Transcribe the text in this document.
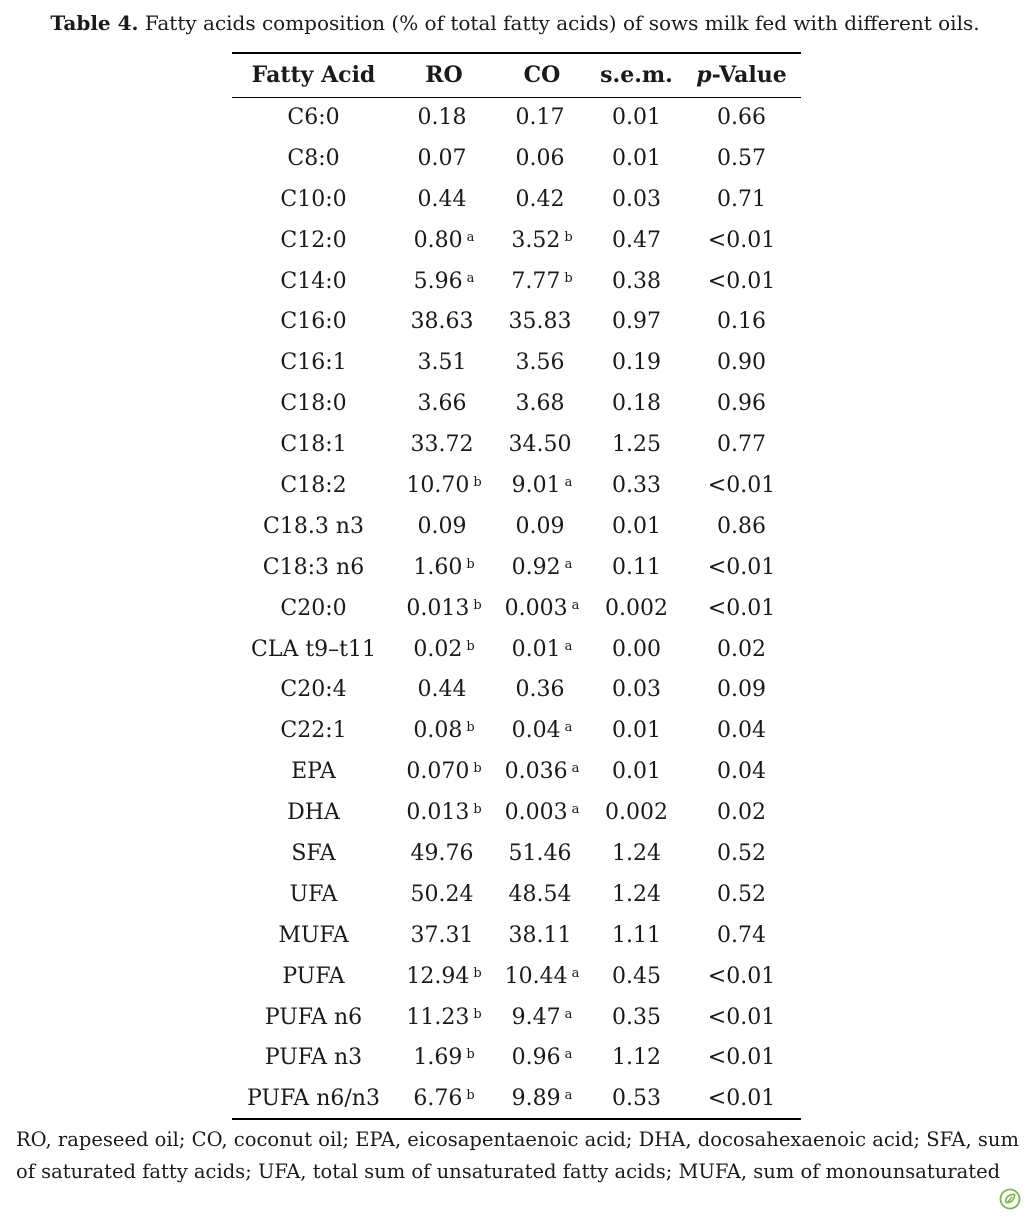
Table 4. Fatty acids composition (% of total fatty acids) of sows milk fed with different oils.
Fatty Acid	RO	CO	s.e.m.	p-Value
C6:0	0.18	0.17	0.01	0.66
C8:0	0.07	0.06	0.01	0.57
C10:0	0.44	0.42	0.03	0.71
C12:0	0.80 $^a$	3.52 $^b$	0.47	<0.01
C14:0	5.96 $^a$	7.77 $^b$	0.38	<0.01
C16:0	38.63	35.83	0.97	0.16
C16:1	3.51	3.56	0.19	0.90
C18:0	3.66	3.68	0.18	0.96
C18:1	33.72	34.50	1.25	0.77
C18:2	10.70 $^b$	9.01 $^a$	0.33	<0.01
C18.3 n3	0.09	0.09	0.01	0.86
C18:3 n6	1.60 $^b$	0.92 $^a$	0.11	<0.01
C20:0	0.013 $^b$	0.003 $^a$	0.002	<0.01
CLA t9–t11	0.02 $^b$	0.01 $^a$	0.00	0.02
C20:4	0.44	0.36	0.03	0.09
C22:1	0.08 $^b$	0.04 $^a$	0.01	0.04
EPA	0.070 $^b$	0.036 $^a$	0.01	0.04
DHA	0.013 $^b$	0.003 $^a$	0.002	0.02
SFA	49.76	51.46	1.24	0.52
UFA	50.24	48.54	1.24	0.52
MUFA	37.31	38.11	1.11	0.74
PUFA	12.94 $^b$	10.44 $^a$	0.45	<0.01
PUFA n6	11.23 $^b$	9.47 $^a$	0.35	<0.01
PUFA n3	1.69 $^b$	0.96 $^a$	1.12	<0.01
PUFA n6/n3	6.76 $^b$	9.89 $^a$	0.53	<0.01
RO, rapeseed oil; CO, coconut oil; EPA, eicosapentaenoic acid; DHA, docosahexaenoic acid; SFA, sum
of saturated fatty acids; UFA, total sum of unsaturated fatty acids; MUFA, sum of monounsaturated
